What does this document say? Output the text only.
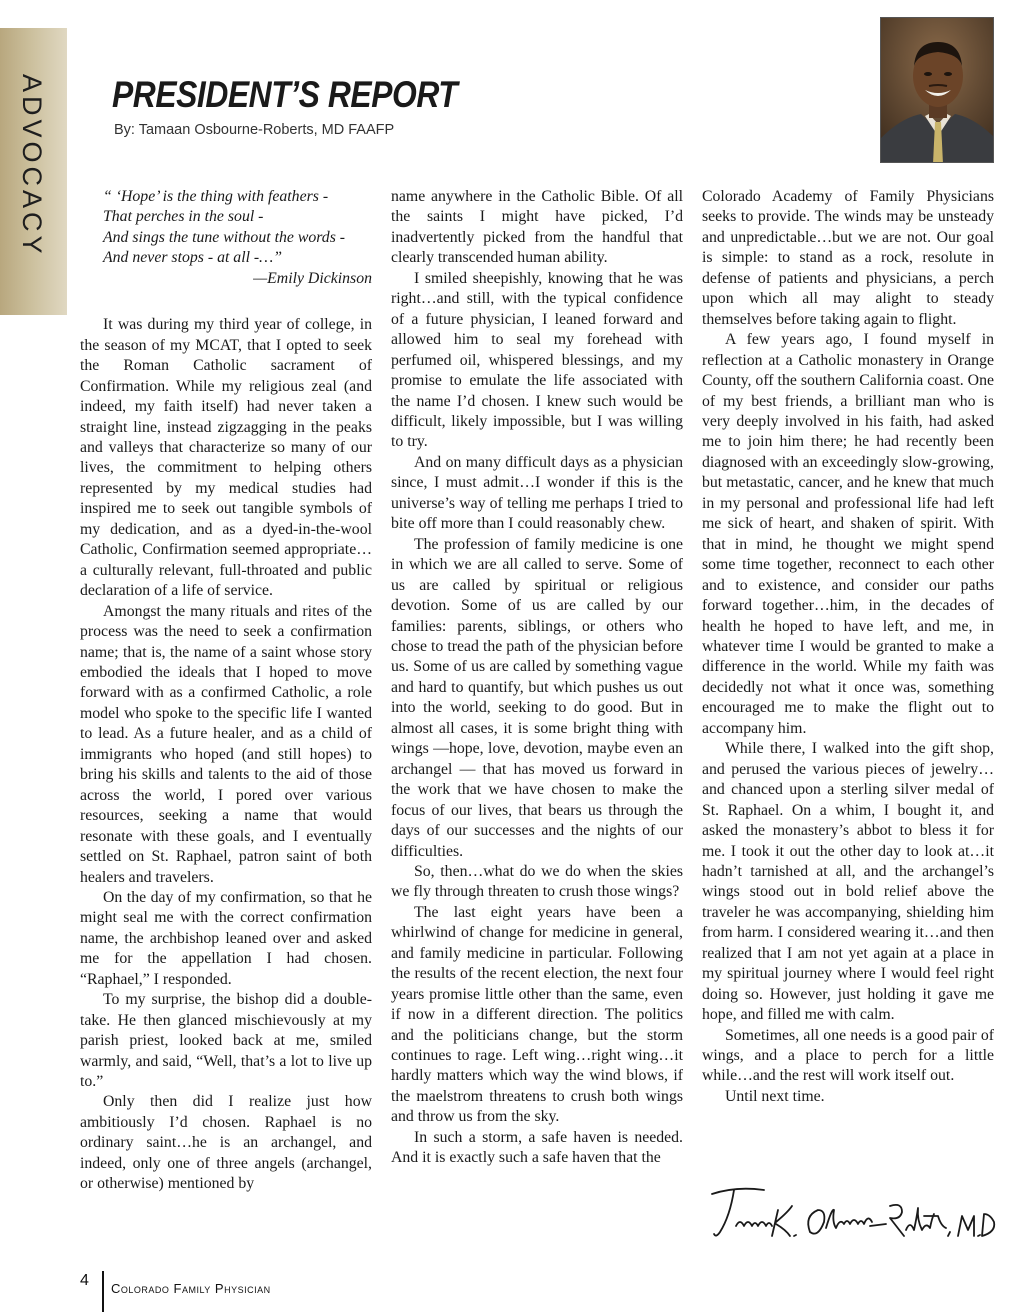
ADVOCACY PRESIDENT’S REPORT
By: Tamaan Osbourne-Roberts, MD FAAFP
“ ‘Hope’ is the thing with feathers -
That perches in the soul -
And sings the tune without the words -
And never stops - at all -…”

—Emily Dickinson

It was during my third year of college, in the season of my MCAT, that I opted to seek the Roman Catholic sacrament of Confirmation. While my religious zeal (and indeed, my faith itself) had never taken a straight line, instead zigzagging in the peaks and valleys that characterize so many of our lives, the commitment to helping others represented by my medical studies had inspired me to seek out tangible symbols of my dedication, and as a dyed-in-the-wool Catholic, Confirmation seemed appropriate…a culturally relevant, full-throated and public declaration of a life of service.

Amongst the many rituals and rites of the process was the need to seek a confirmation name; that is, the name of a saint whose story embodied the ideals that I hoped to move forward with as a confirmed Catholic, a role model who spoke to the specific life I wanted to lead. As a future healer, and as a child of immigrants who hoped (and still hopes) to bring his skills and talents to the aid of those across the world, I pored over various resources, seeking a name that would resonate with these goals, and I eventually settled on St. Raphael, patron saint of both healers and travelers.

On the day of my confirmation, so that he might seal me with the correct confirmation name, the archbishop leaned over and asked me for the appellation I had chosen. “Raphael,” I responded.

To my surprise, the bishop did a double-take. He then glanced mischievously at my parish priest, looked back at me, smiled warmly, and said, “Well, that’s a lot to live up to.”

Only then did I realize just how ambitiously I’d chosen. Raphael is no ordinary saint…he is an archangel, and indeed, only one of three angels (archangel, or otherwise) mentioned by

name anywhere in the Catholic Bible. Of all the saints I might have picked, I’d inadvertently picked from the handful that clearly transcended human ability.

I smiled sheepishly, knowing that he was right…and still, with the typical confidence of a future physician, I leaned forward and allowed him to seal my forehead with perfumed oil, whispered blessings, and my promise to emulate the life associated with the name I’d chosen. I knew such would be difficult, likely impossible, but I was willing to try.

And on many difficult days as a physician since, I must admit…I wonder if this is the universe’s way of telling me perhaps I tried to bite off more than I could reasonably chew.

The profession of family medicine is one in which we are all called to serve. Some of us are called by spiritual or religious devotion. Some of us are called by our families: parents, siblings, or others who chose to tread the path of the physician before us. Some of us are called by something vague and hard to quantify, but which pushes us out into the world, seeking to do good. But in almost all cases, it is some bright thing with wings —hope, love, devotion, maybe even an archangel — that has moved us forward in the work that we have chosen to make the focus of our lives, that bears us through the days of our successes and the nights of our difficulties.

So, then…what do we do when the skies we fly through threaten to crush those wings?

The last eight years have been a whirlwind of change for medicine in general, and family medicine in particular. Following the results of the recent election, the next four years promise little other than the same, even if now in a different direction. The politics and the politicians change, but the storm continues to rage. Left wing…right wing…it hardly matters which way the wind blows, if the maelstrom threatens to crush both wings and throw us from the sky.

In such a storm, a safe haven is needed. And it is exactly such a safe haven that the

Colorado Academy of Family Physicians seeks to provide. The winds may be unsteady and unpredictable…but we are not. Our goal is simple: to stand as a rock, resolute in defense of patients and physicians, a perch upon which all may alight to steady themselves before taking again to flight.

A few years ago, I found myself in reflection at a Catholic monastery in Orange County, off the southern California coast. One of my best friends, a brilliant man who is very deeply involved in his faith, had asked me to join him there; he had recently been diagnosed with an exceedingly slow-growing, but metastatic, cancer, and he knew that much in my personal and professional life had left me sick of heart, and shaken of spirit. With that in mind, he thought we might spend some time together, reconnect to each other and to existence, and consider our paths forward together…him, in the decades of health he hoped to have left, and me, in whatever time I would be granted to make a difference in the world. While my faith was decidedly not what it once was, something encouraged me to make the flight out to accompany him.

While there, I walked into the gift shop, and perused the various pieces of jewelry…and chanced upon a sterling silver medal of St. Raphael. On a whim, I bought it, and asked the monastery’s abbot to bless it for me. I took it out the other day to look at…it hadn’t tarnished at all, and the archangel’s wings stood out in bold relief above the traveler he was accompanying, shielding him from harm. I considered wearing it…and then realized that I am not yet again at a place in my spiritual journey where I would feel right doing so. However, just holding it gave me hope, and filled me with calm.

Sometimes, all one needs is a good pair of wings, and a place to perch for a little while…and the rest will work itself out.

Until next time.

4 Colorado Family Physician
